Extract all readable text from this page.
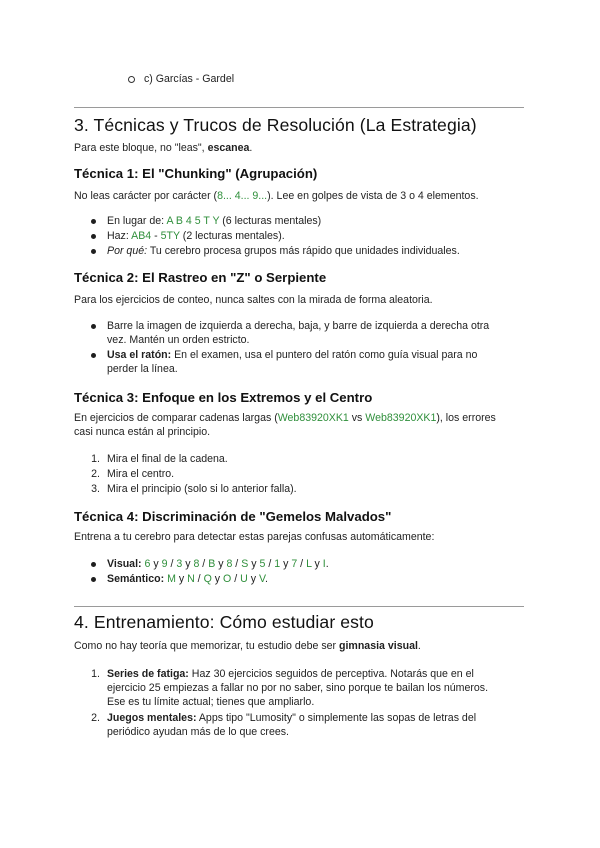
c) Garcías - Gardel
3. Técnicas y Trucos de Resolución (La Estrategia)
Para este bloque, no "leas", escanea.
Técnica 1: El "Chunking" (Agrupación)
No leas carácter por carácter (8... 4... 9...). Lee en golpes de vista de 3 o 4 elementos.
En lugar de: A B 4 5 T Y (6 lecturas mentales)
Haz: AB4 - 5TY (2 lecturas mentales).
Por qué: Tu cerebro procesa grupos más rápido que unidades individuales.
Técnica 2: El Rastreo en "Z" o Serpiente
Para los ejercicios de conteo, nunca saltes con la mirada de forma aleatoria.
Barre la imagen de izquierda a derecha, baja, y barre de izquierda a derecha otra
vez. Mantén un orden estricto.
Usa el ratón: En el examen, usa el puntero del ratón como guía visual para no
perder la línea.
Técnica 3: Enfoque en los Extremos y el Centro
En ejercicios de comparar cadenas largas (Web83920XK1 vs Web83920XK1), los errores
casi nunca están al principio.
1. Mira el final de la cadena.
2. Mira el centro.
3. Mira el principio (solo si lo anterior falla).
Técnica 4: Discriminación de "Gemelos Malvados"
Entrena a tu cerebro para detectar estas parejas confusas automáticamente:
Visual: 6 y 9 / 3 y 8 / B y 8 / S y 5 / 1 y 7 / L y I.
Semántico: M y N / Q y O / U y V.
4. Entrenamiento: Cómo estudiar esto
Como no hay teoría que memorizar, tu estudio debe ser gimnasia visual.
1. Series de fatiga: Haz 30 ejercicios seguidos de perceptiva. Notarás que en el
ejercicio 25 empiezas a fallar no por no saber, sino porque te bailan los números.
Ese es tu límite actual; tienes que ampliarlo.
2. Juegos mentales: Apps tipo "Lumosity" o simplemente las sopas de letras del
periódico ayudan más de lo que crees.
